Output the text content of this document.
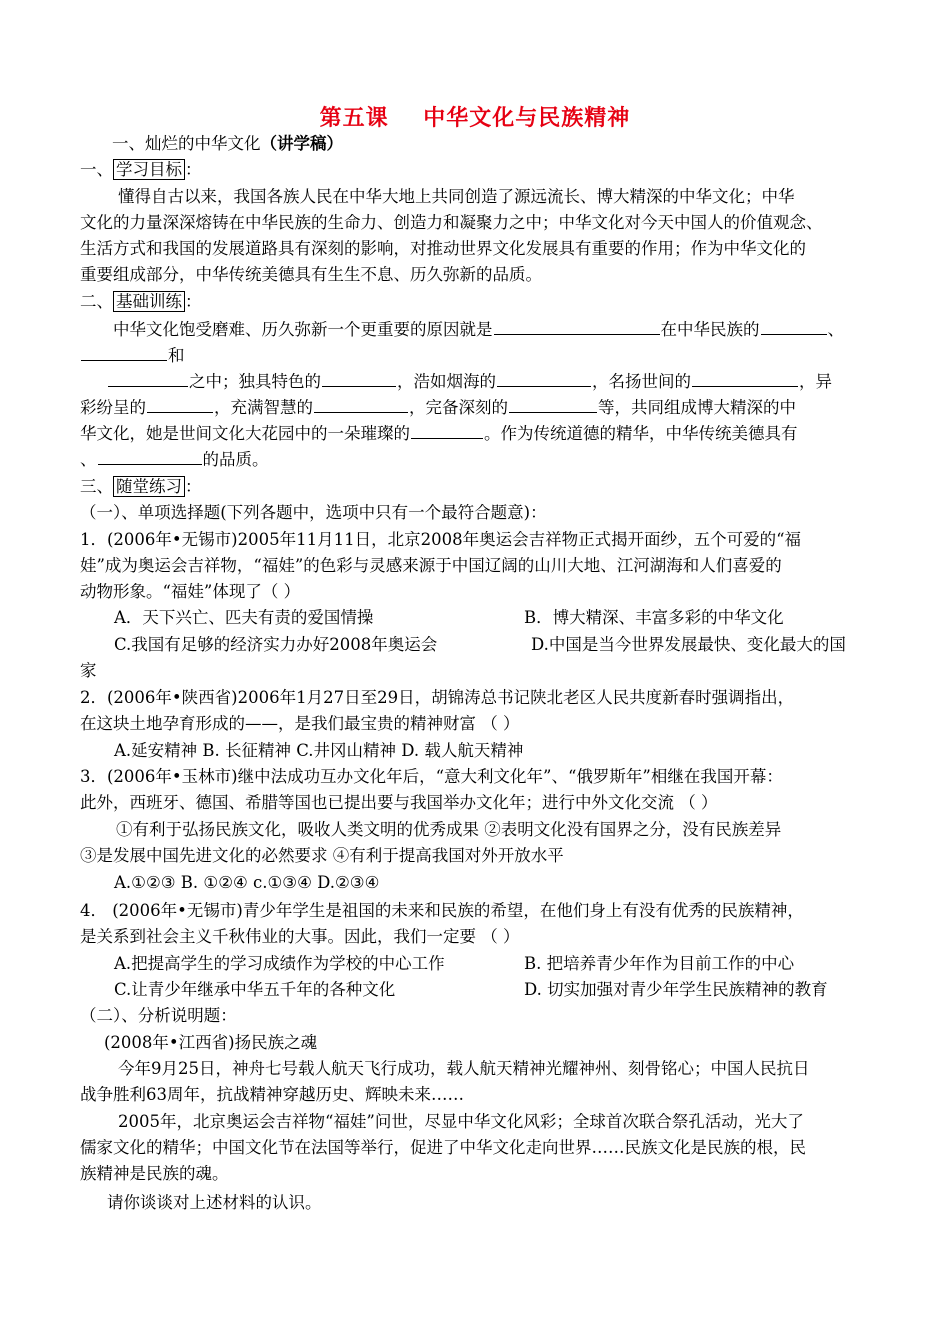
第五课    中华文化与民族精神
一、灿烂的中华文化（讲学稿）
一、 学习目标 ：
懂得自古以来，我国各族人民在中华大地上共同创造了源远流长、博大精深的中华文化；中华
文化的力量深深熔铸在中华民族的生命力、创造力和凝聚力之中；中华文化对今天中国人的价值观念、
生活方式和我国的发展道路具有深刻的影响，对推动世界文化发展具有重要的作用；作为中华文化的
重要组成部分，中华传统美德具有生生不息、历久弥新的品质。
二、 基础训练 ：
中华文化饱受磨难、历久弥新一个更重要的原因就是	在中华民族的	、
和
之中；独具特色的	，浩如烟海的	，名扬世间的	，异
彩纷呈的	，充满智慧的	，完备深刻的	等，共同组成博大精深的中
华文化，她是世间文化大花园中的一朵璀璨的	。作为传统道德的精华，中华传统美德具有
、	的品质。
三、 随堂练习 ：
（一）、单项选择题(下列各题中，选项中只有一个最符合题意)：
1．(2006年•无锡市)2005年11月11日，北京2008年奥运会吉祥物正式揭开面纱，五个可爱的“福
娃”成为奥运会吉祥物，“福娃”的色彩与灵感来源于中国辽阔的山川大地、江河湖海和人们喜爱的
动物形象。“福娃”体现了（ ）
A．天下兴亡、匹夫有责的爱国情操	B．博大精深、丰富多彩的中华文化
C.我国有足够的经济实力办好2008年奥运会	D.中国是当今世界发展最快、变化最大的国
家
2．(2006年•陕西省)2006年1月27日至29日，胡锦涛总书记陕北老区人民共度新春时强调指出，
在这块土地孕育形成的——，是我们最宝贵的精神财富 （ ）
A.延安精神 B. 长征精神 C.井冈山精神 D. 载人航天精神
3．(2006年•玉林市)继中法成功互办文化年后，“意大利文化年”、“俄罗斯年”相继在我国开幕：
此外，西班牙、德国、希腊等国也已提出要与我国举办文化年；进行中外文化交流 （ ）
①有利于弘扬民族文化，吸收人类文明的优秀成果 ②表明文化没有国界之分，没有民族差异
③是发展中国先进文化的必然要求 ④有利于提高我国对外开放水平
A.①②③ B. ①②④ c.①③④ D.②③④
4． (2006年•无锡市)青少年学生是祖国的未来和民族的希望，在他们身上有没有优秀的民族精神，
是关系到社会主义千秋伟业的大事。因此，我们一定要 （ ）
A.把提高学生的学习成绩作为学校的中心工作	B. 把培养青少年作为目前工作的中心
C.让青少年继承中华五千年的各种文化	D. 切实加强对青少年学生民族精神的教育
（二）、分析说明题：
(2008年•江西省)扬民族之魂
今年9月25日，神舟七号载人航天飞行成功，载人航天精神光耀神州、刻骨铭心；中国人民抗日
战争胜利63周年，抗战精神穿越历史、辉映未来……
2005年，北京奥运会吉祥物“福娃”问世，尽显中华文化风彩；全球首次联合祭孔活动，光大了
儒家文化的精华；中国文化节在法国等举行，促进了中华文化走向世界……民族文化是民族的根，民
族精神是民族的魂。
请你谈谈对上述材料的认识。
